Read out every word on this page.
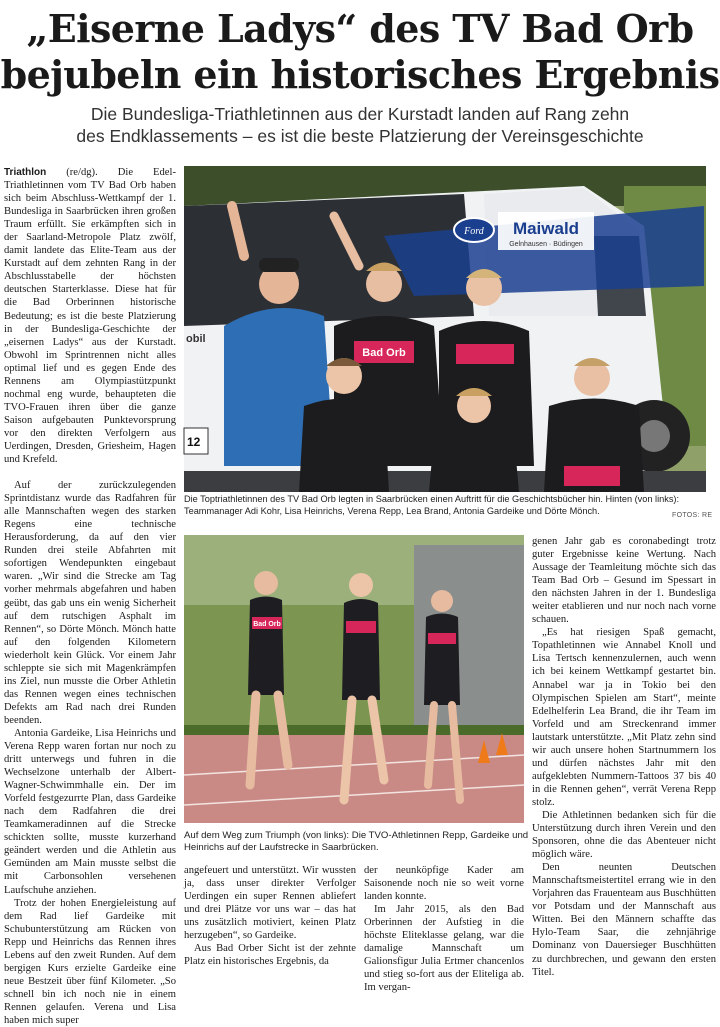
„Eiserne Ladys“ des TV Bad Orb
bejubeln ein historisches Ergebnis
Die Bundesliga-Triathletinnen aus der Kurstadt landen auf Rang zehn
des Endklassements – es ist die beste Platzierung der Vereinsgeschichte

Triathlon (re/dg). Die Edel-Triathletinnen vom TV Bad Orb haben sich beim Abschluss-Wettkampf der 1. Bundesliga in Saarbrücken ihren großen Traum erfüllt. Sie erkämpften sich in der Saarland-Metropole Platz zwölf, damit landete das Elite-Team aus der Kurstadt auf dem zehnten Rang in der Abschlusstabelle der höchsten deutschen Starterklasse. Diese hat für die Bad Orberinnen historische Bedeutung; es ist die beste Platzierung in der Bundesliga-Geschichte der „eisernen Ladys“ aus der Kurstadt. Obwohl im Sprintrennen nicht alles optimal lief und es gegen Ende des Rennens am Olympiastützpunkt nochmal eng wurde, behaupteten die TVO-Frauen ihren über die ganze Saison aufgebauten Punktevorsprung vor den direkten Verfolgern aus Uerdingen, Dresden, Griesheim, Hagen und Krefeld.

Auf der zurückzulegenden Sprintdistanz wurde das Radfahren für alle Mannschaften wegen des starken Regens eine technische Herausforderung, da auf den vier Runden drei steile Abfahrten mit sofortigen Wendepunkten eingebaut waren. „Wir sind die Strecke am Tag vorher mehrmals abgefahren und haben geübt, das gab uns ein wenig Sicherheit auf dem rutschigen Asphalt im Rennen“, so Dörte Mönch. Mönch hatte auf den folgenden Kilometern wiederholt kein Glück. Vor einem Jahr schleppte sie sich mit Magenkrämpfen ins Ziel, nun musste die Orber Athletin das Rennen wegen eines technischen Defekts am Rad nach drei Runden beenden.

Antonia Gardeike, Lisa Heinrichs und Verena Repp waren fortan nur noch zu dritt unterwegs und fuhren in die Wechselzone unterhalb der Albert-Wagner-Schwimmhalle ein. Der im Vorfeld festgezurrte Plan, dass Gardeike nach dem Radfahren die drei Teamkameradinnen auf die Strecke schickten sollte, musste kurzerhand geändert werden und die Athletin aus Gemünden am Main musste selbst die mit Carbonsohlen versehenen Laufschuhe anziehen.

Trotz der hohen Energieleistung auf dem Rad lief Gardeike mit Schubunterstützung am Rücken von Repp und Heinrichs das Rennen ihres Lebens auf den zweit Runden. Auf dem bergigen Kurs erzielte Gardeike eine neue Bestzeit über fünf Kilometer. „So schnell bin ich noch nie in einem Rennen gelaufen. Verena und Lisa haben mich super

Ford Maiwald
Gelnhausen · Büdingen
obil
12
Bad Orb
Die Toptriathletinnen des TV Bad Orb legten in Saarbrücken einen Auftritt für die Geschichtsbücher hin. Hinten (von links):
Teammanager Adi Kohr, Lisa Heinrichs, Verena Repp, Lea Brand, Antonia Gardeike und Dörte Mönch.	FOTOS: RE
Bad Orb
Auf dem Weg zum Triumph (von links): Die TVO-Athletinnen Repp, Gardeike und
Heinrichs auf der Laufstrecke in Saarbrücken.

angefeuert und unterstützt. Wir wussten ja, dass unser direkter Verfolger Uerdingen ein super Rennen abliefert und drei Plätze vor uns war – das hat uns zusätzlich motiviert, keinen Platz herzugeben“, so Gardeike.

Aus Bad Orber Sicht ist der zehnte Platz ein historisches Ergebnis, da

der neunköpfige Kader am Saisonende noch nie so weit vorne landen konnte.

Im Jahr 2015, als den Bad Orberinnen der Aufstieg in die höchste Eliteklasse gelang, war die damalige Mannschaft um Galionsfigur Julia Ertmer chancenlos und stieg so-fort aus der Eliteliga ab. Im vergan-

genen Jahr gab es coronabedingt trotz guter Ergebnisse keine Wertung. Nach Aussage der Teamleitung möchte sich das Team Bad Orb – Gesund im Spessart in den nächsten Jahren in der 1. Bundesliga weiter etablieren und nur noch nach vorne schauen.

„Es hat riesigen Spaß gemacht, Topathletinnen wie Annabel Knoll und Lisa Tertsch kennenzulernen, auch wenn ich bei keinem Wettkampf gestartet bin. Annabel war ja in Tokio bei den Olympischen Spielen am Start“, meinte Edelhelferin Lea Brand, die ihr Team im Vorfeld und am Streckenrand immer lautstark unterstützte. „Mit Platz zehn sind wir auch unsere hohen Startnummern los und dürfen nächstes Jahr mit den aufgeklebten Nummern-Tattoos 37 bis 40 in die Rennen gehen“, verrät Verena Repp stolz.

Die Athletinnen bedanken sich für die Unterstützung durch ihren Verein und den Sponsoren, ohne die das Abenteuer nicht möglich wäre.

Den neunten Deutschen Mannschaftsmeistertitel errang wie in den Vorjahren das Frauenteam aus Buschhütten vor Potsdam und der Mannschaft aus Witten. Bei den Männern schaffte das Hylo-Team Saar, die zehnjährige Dominanz von Dauersieger Buschhütten zu durchbrechen, und gewann den ersten Titel.
